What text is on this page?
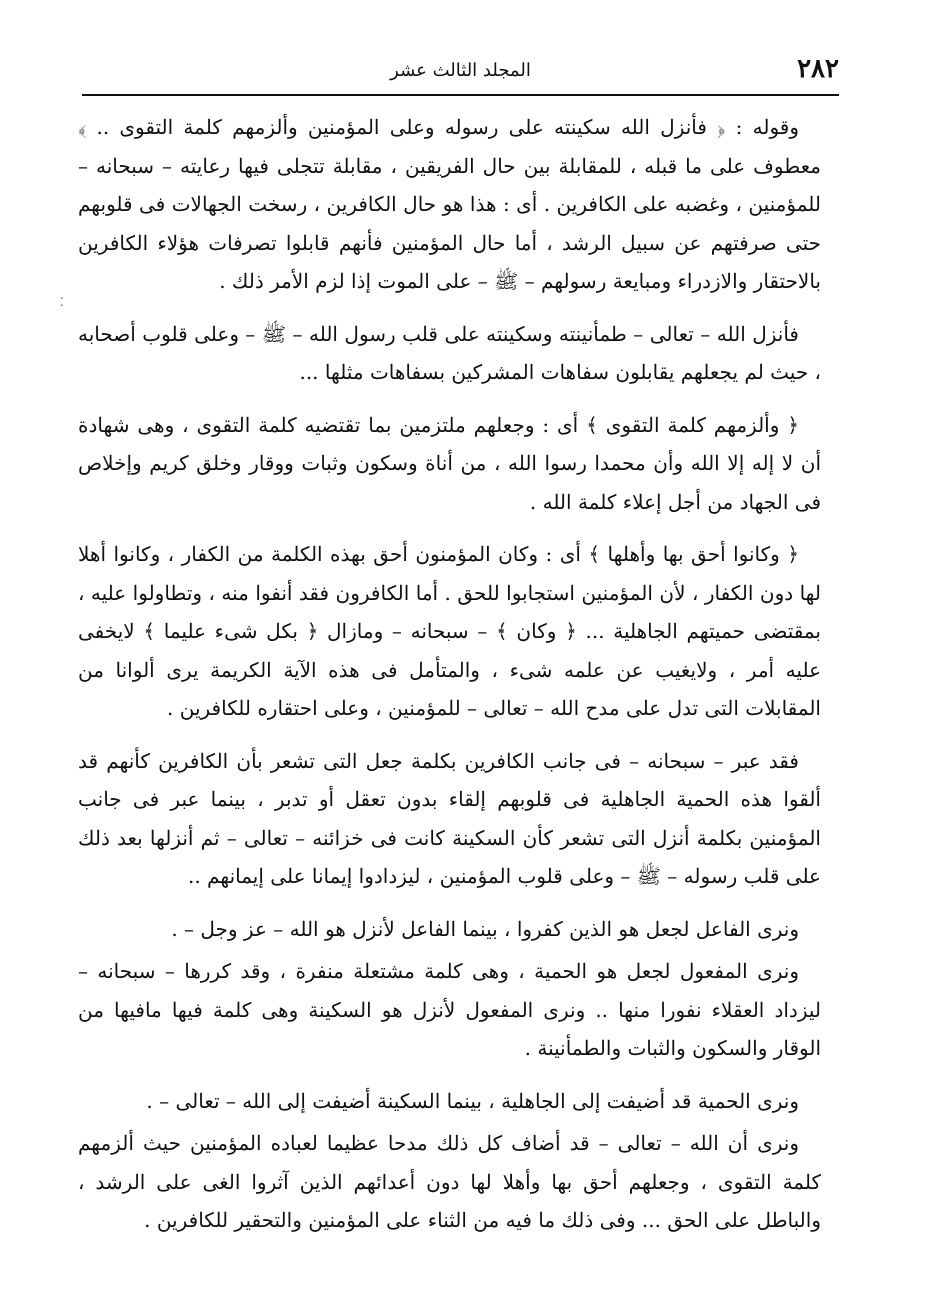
٢٨٢
المجلد الثالث عشر
⁚

وقوله : ﴿ فأنزل الله سكينته على رسوله وعلى المؤمنين وألزمهم كلمة التقوى .. ﴾ معطوف على ما قبله ، للمقابلة بين حال الفريقين ، مقابلة تتجلى فيها رعايته – سبحانه – للمؤمنين ، وغضبه على الكافرين . أى : هذا هو حال الكافرين ، رسخت الجهالات فى قلوبهم حتى صرفتهم عن سبيل الرشد ، أما حال المؤمنين فأنهم قابلوا تصرفات هؤلاء الكافرين بالاحتقار والازدراء ومبايعة رسولهم – ﷺ – على الموت إذا لزم الأمر ذلك .

فأنزل الله – تعالى – طمأنينته وسكينته على قلب رسول الله – ﷺ – وعلى قلوب أصحابه ، حيث لم يجعلهم يقابلون سفاهات المشركين بسفاهات مثلها ...

﴿ وألزمهم كلمة التقوى ﴾ أى : وجعلهم ملتزمين بما تقتضيه كلمة التقوى ، وهى شهادة أن لا إله إلا الله وأن محمدا رسوا الله ، من أناة وسكون وثبات ووقار وخلق كريم وإخلاص فى الجهاد من أجل إعلاء كلمة الله .

﴿ وكانوا أحق بها وأهلها ﴾ أى : وكان المؤمنون أحق بهذه الكلمة من الكفار ، وكانوا أهلا لها دون الكفار ، لأن المؤمنين استجابوا للحق . أما الكافرون فقد أنفوا منه ، وتطاولوا عليه ، بمقتضى حميتهم الجاهلية ... ﴿ وكان ﴾ – سبحانه – ومازال ﴿ بكل شىء عليما ﴾ لايخفى عليه أمر ، ولايغيب عن علمه شىء ، والمتأمل فى هذه الآية الكريمة يرى ألوانا من المقابلات التى تدل على مدح الله – تعالى – للمؤمنين ، وعلى احتقاره للكافرين .

فقد عبر – سبحانه – فى جانب الكافرين بكلمة جعل التى تشعر بأن الكافرين كأنهم قد ألقوا هذه الحمية الجاهلية فى قلوبهم إلقاء بدون تعقل أو تدبر ، بينما عبر فى جانب المؤمنين بكلمة أنزل التى تشعر كأن السكينة كانت فى خزائنه – تعالى – ثم أنزلها بعد ذلك على قلب رسوله – ﷺ – وعلى قلوب المؤمنين ، ليزدادوا إيمانا على إيمانهم ..

ونرى الفاعل لجعل هو الذين كفروا ، بينما الفاعل لأنزل هو الله – عز وجل – .

ونرى المفعول لجعل هو الحمية ، وهى كلمة مشتعلة منفرة ، وقد كررها – سبحانه – ليزداد العقلاء نفورا منها .. ونرى المفعول لأنزل هو السكينة وهى كلمة فيها مافيها من الوقار والسكون والثبات والطمأنينة .

ونرى الحمية قد أضيفت إلى الجاهلية ، بينما السكينة أضيفت إلى الله – تعالى – .

ونرى أن الله – تعالى – قد أضاف كل ذلك مدحا عظيما لعباده المؤمنين حيث ألزمهم كلمة التقوى ، وجعلهم أحق بها وأهلا لها دون أعدائهم الذين آثروا الغى على الرشد ، والباطل على الحق ... وفى ذلك ما فيه من الثناء على المؤمنين والتحقير للكافرين .
